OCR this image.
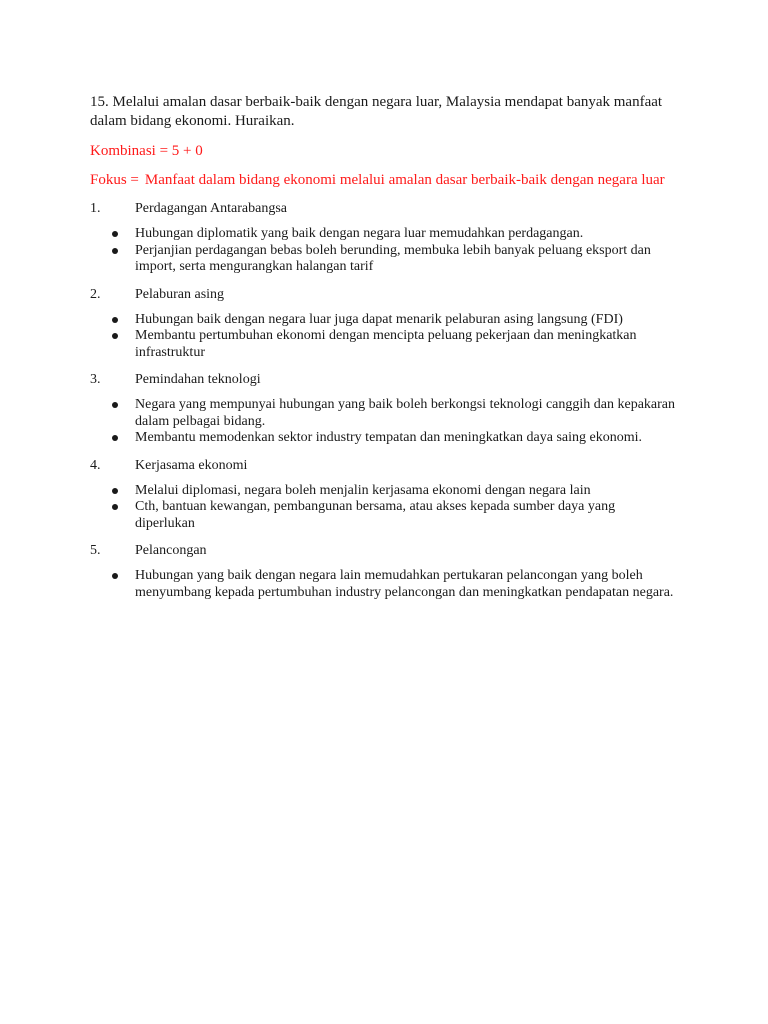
15. Melalui amalan dasar berbaik-baik dengan negara luar, Malaysia mendapat banyak manfaat dalam bidang ekonomi. Huraikan.

Kombinasi = 5 + 0

Fokus = Manfaat dalam bidang ekonomi melalui amalan dasar berbaik-baik dengan negara luar

1.	Perdagangan Antarabangsa
Hubungan diplomatik yang baik dengan negara luar memudahkan perdagangan.
Perjanjian perdagangan bebas boleh berunding, membuka lebih banyak peluang eksport dan import, serta mengurangkan halangan tarif
2.	Pelaburan asing
Hubungan baik dengan negara luar juga dapat menarik pelaburan asing langsung (FDI)
Membantu pertumbuhan ekonomi dengan mencipta peluang pekerjaan dan meningkatkan infrastruktur
3.	Pemindahan teknologi
Negara yang mempunyai hubungan yang baik boleh berkongsi teknologi canggih dan kepakaran dalam pelbagai bidang.
Membantu memodenkan sektor industry tempatan dan meningkatkan daya saing ekonomi.
4.	Kerjasama ekonomi
Melalui diplomasi, negara boleh menjalin kerjasama ekonomi dengan negara lain
Cth, bantuan kewangan, pembangunan bersama, atau akses kepada sumber daya yang diperlukan
5.	Pelancongan
Hubungan yang baik dengan negara lain memudahkan pertukaran pelancongan yang boleh menyumbang kepada pertumbuhan industry pelancongan dan meningkatkan pendapatan negara.
